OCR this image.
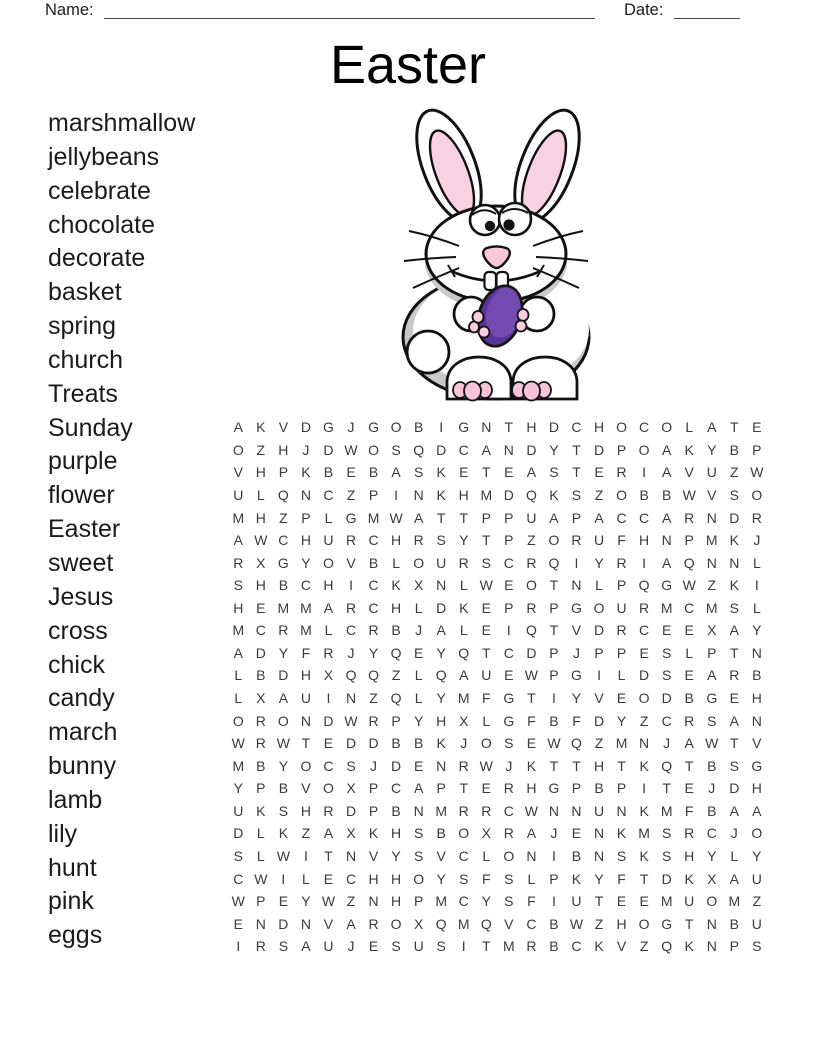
Name:	Date:
Easter
marshmallow
jellybeans
celebrate
chocolate
decorate
basket
spring
church
Treats
Sunday
purple
flower
Easter
sweet
Jesus
cross
chick
candy
march
bunny
lamb
lily
hunt
pink
eggs
A K V D G J G O B	I	G N T H D C H O C O L A T E
O Z H J D W O S Q D C A N D Y T D P O A K Y B P
V H P K B E B A S K E T E A S T E R	I	A V U Z W
U L Q N C Z P	I	N K H M D Q K S Z O B B W V S O
M H Z P L G M W A T T P P U A P A C C A R N D R
A W C H U R C H R S Y T P Z O R U F H N P M K	J
R X G Y O V B L O U R S C R Q	I	Y R	I	A Q N N L
S H B C H	I	C K X N L W E O T N L P Q G W Z K	I
H E M M A R C H L D K E P R P G O U R M C M S L
M C R M L C R B	J	A L E	I	Q T V D R C E E X A Y
A D Y F R J	Y Q E Y Q T C D P	J	P P E S L P T N
L B D H X Q Q Z	L Q A U E W P G	I	L D S E A R B
L X A U	I	N Z Q L Y M F G T	I	Y V E O D B G E H
O R O N D W R P Y H X L G F B F D Y Z C R S A N
W R W T E D D B B K	J O S E W Q Z M N J	A W T V
M B Y O C S	J D E N R W J	K T T H T K Q T B S G
Y P B V O X P C A P T E R H G P B P	I	T E	J D H
U K S H R D P B N M R R C W N N U N K M F B A A
D L K Z A X K H S B O X R A	J	E N K M S R C J O
S L W	I	T N V Y S V C L O N	I	B N S K S H Y L Y
C W	I	L E C H H O Y S F S L P K Y F T D K X A U
W P E Y W Z N H P M C Y S F	I	U T E E M U O M Z
E N D N V A R O X Q M Q V C B W Z H O G T N B U
I	R S A U J	E S U S	I	T M R B C K V Z Q K N P S
